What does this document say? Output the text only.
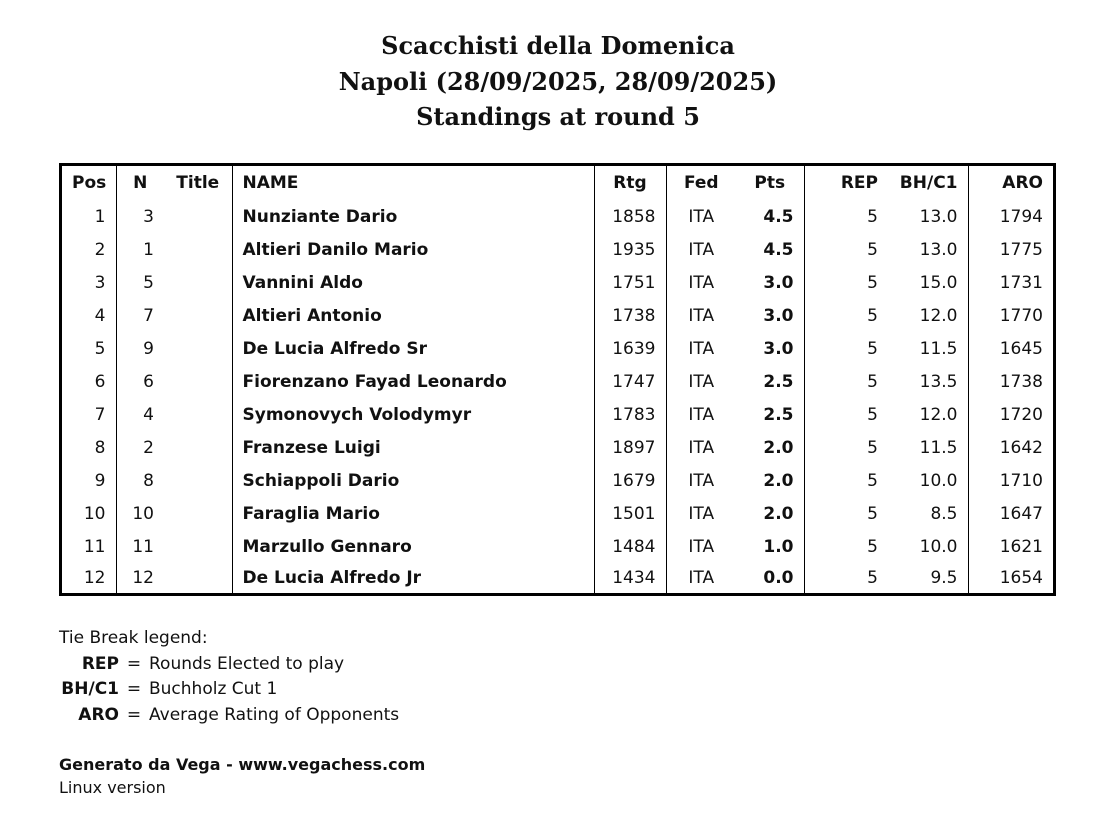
Scacchisti della Domenica
Napoli (28/09/2025, 28/09/2025)
Standings at round 5
Pos	N	Title	NAME	Rtg	Fed	Pts	REP	BH/C1	ARO
1	3		Nunziante Dario	1858	ITA	4.5	5	13.0	1794
2	1		Altieri Danilo Mario	1935	ITA	4.5	5	13.0	1775
3	5		Vannini Aldo	1751	ITA	3.0	5	15.0	1731
4	7		Altieri Antonio	1738	ITA	3.0	5	12.0	1770
5	9		De Lucia Alfredo Sr	1639	ITA	3.0	5	11.5	1645
6	6		Fiorenzano Fayad Leonardo	1747	ITA	2.5	5	13.5	1738
7	4		Symonovych Volodymyr	1783	ITA	2.5	5	12.0	1720
8	2		Franzese Luigi	1897	ITA	2.0	5	11.5	1642
9	8		Schiappoli Dario	1679	ITA	2.0	5	10.0	1710
10	10		Faraglia Mario	1501	ITA	2.0	5	8.5	1647
11	11		Marzullo Gennaro	1484	ITA	1.0	5	10.0	1621
12	12		De Lucia Alfredo Jr	1434	ITA	0.0	5	9.5	1654
Tie Break legend:
REP = Rounds Elected to play
BH/C1 = Buchholz Cut 1
ARO = Average Rating of Opponents
Generato da Vega - www.vegachess.com
Linux version
